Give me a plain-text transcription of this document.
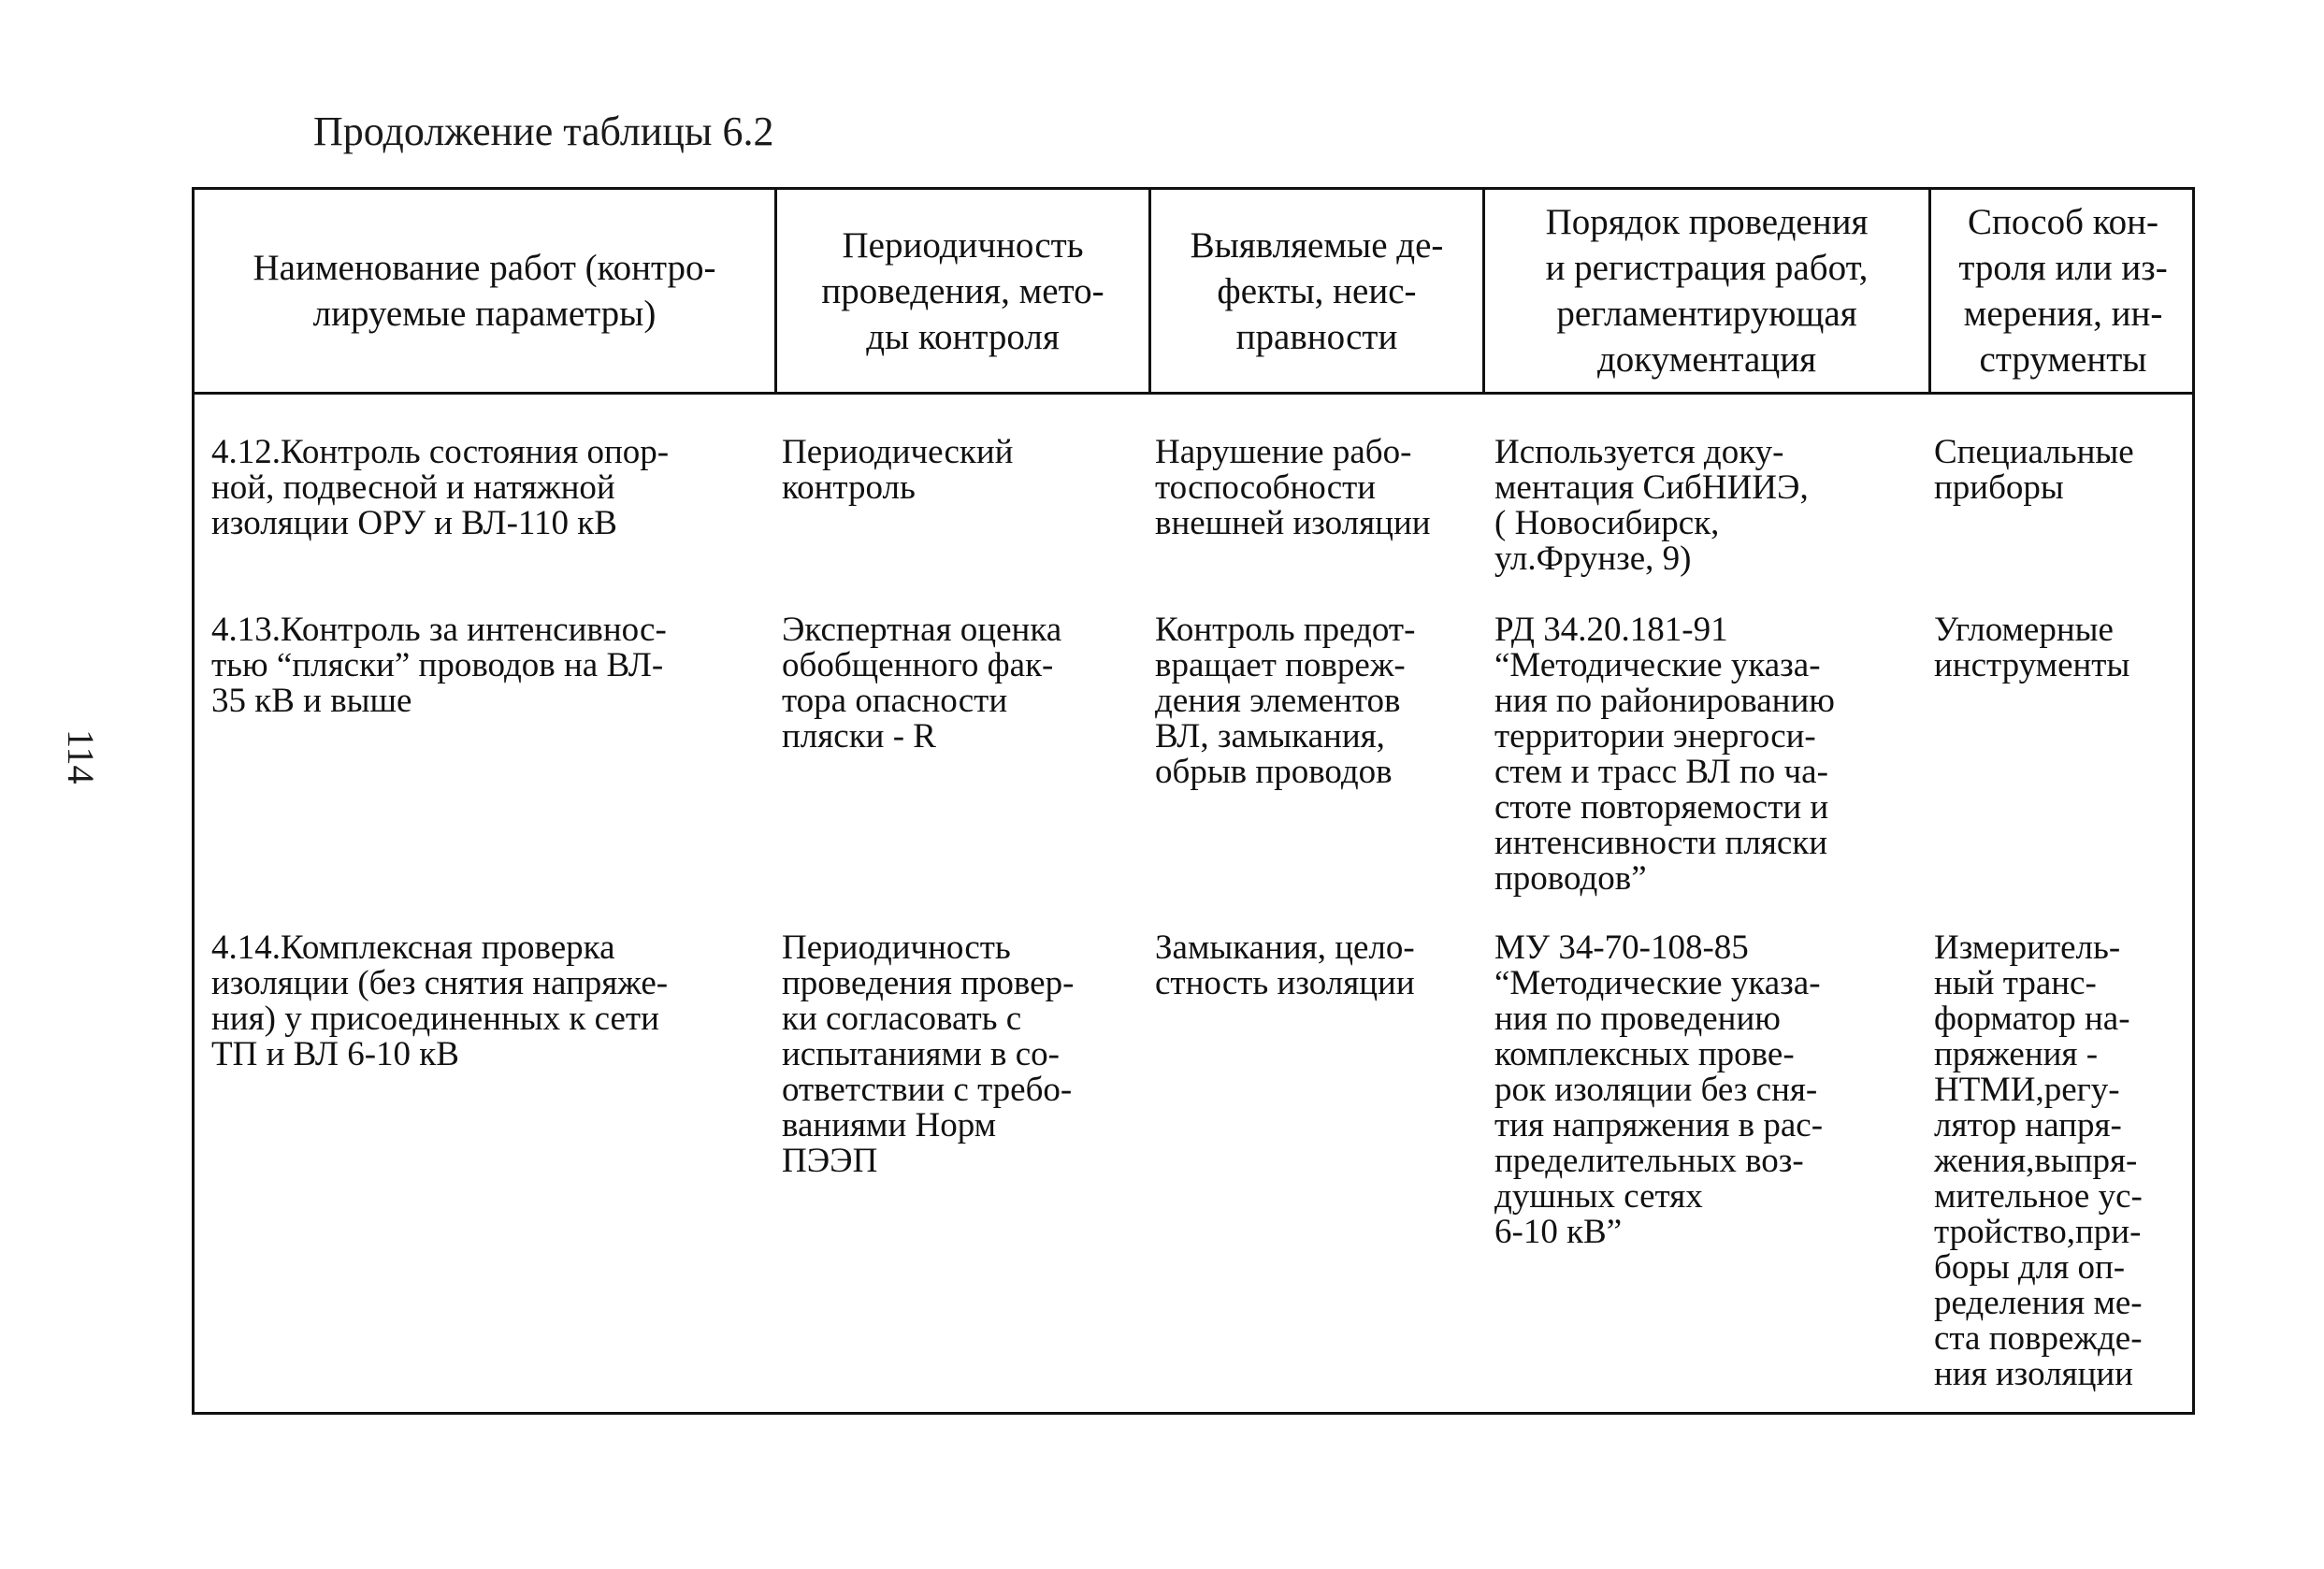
Продолжение таблицы 6.2
114
Наименование работ (контро-
лируемые параметры)
Периодичность
проведения, мето-
ды контроля
Выявляемые де-
фекты, неис-
правности
Порядок проведения
и регистрация работ,
регламентирующая
документация
Способ кон-
троля или из-
мерения, ин-
струменты
4.12.Контроль состояния опор-
ной, подвесной и натяжной
изоляции ОРУ и ВЛ-110 кВ
Периодический
контроль
Нарушение рабо-
тоспособности
внешней изоляции
Используется доку-
ментация СибНИИЭ,
( Новосибирск,
ул.Фрунзе, 9)
Специальные
приборы
4.13.Контроль за интенсивнос-
тью “пляски” проводов на ВЛ-
35 кВ и выше
Экспертная оценка
обобщенного фак-
тора опасности
пляски - R
Контроль предот-
вращает повреж-
дения элементов
ВЛ, замыкания,
обрыв проводов
РД 34.20.181-91
“Методические указа-
ния по районированию
территории энергоси-
стем и трасс ВЛ по ча-
стоте повторяемости и
интенсивности пляски
проводов”
Угломерные
инструменты
4.14.Комплексная проверка
изоляции (без снятия напряже-
ния) у присоединенных к сети
ТП и ВЛ 6-10 кВ
Периодичность
проведения провер-
ки согласовать с
испытаниями в со-
ответствии с требо-
ваниями Норм
ПЭЭП
Замыкания, цело-
стность изоляции
МУ 34-70-108-85
“Методические указа-
ния по проведению
комплексных прове-
рок изоляции без сня-
тия напряжения в рас-
пределительных воз-
душных сетях
6-10 кВ”
Измеритель-
ный транс-
форматор на-
пряжения -
НТМИ,регу-
лятор напря-
жения,выпря-
мительное ус-
тройство,при-
боры для оп-
ределения ме-
ста поврежде-
ния изоляции
